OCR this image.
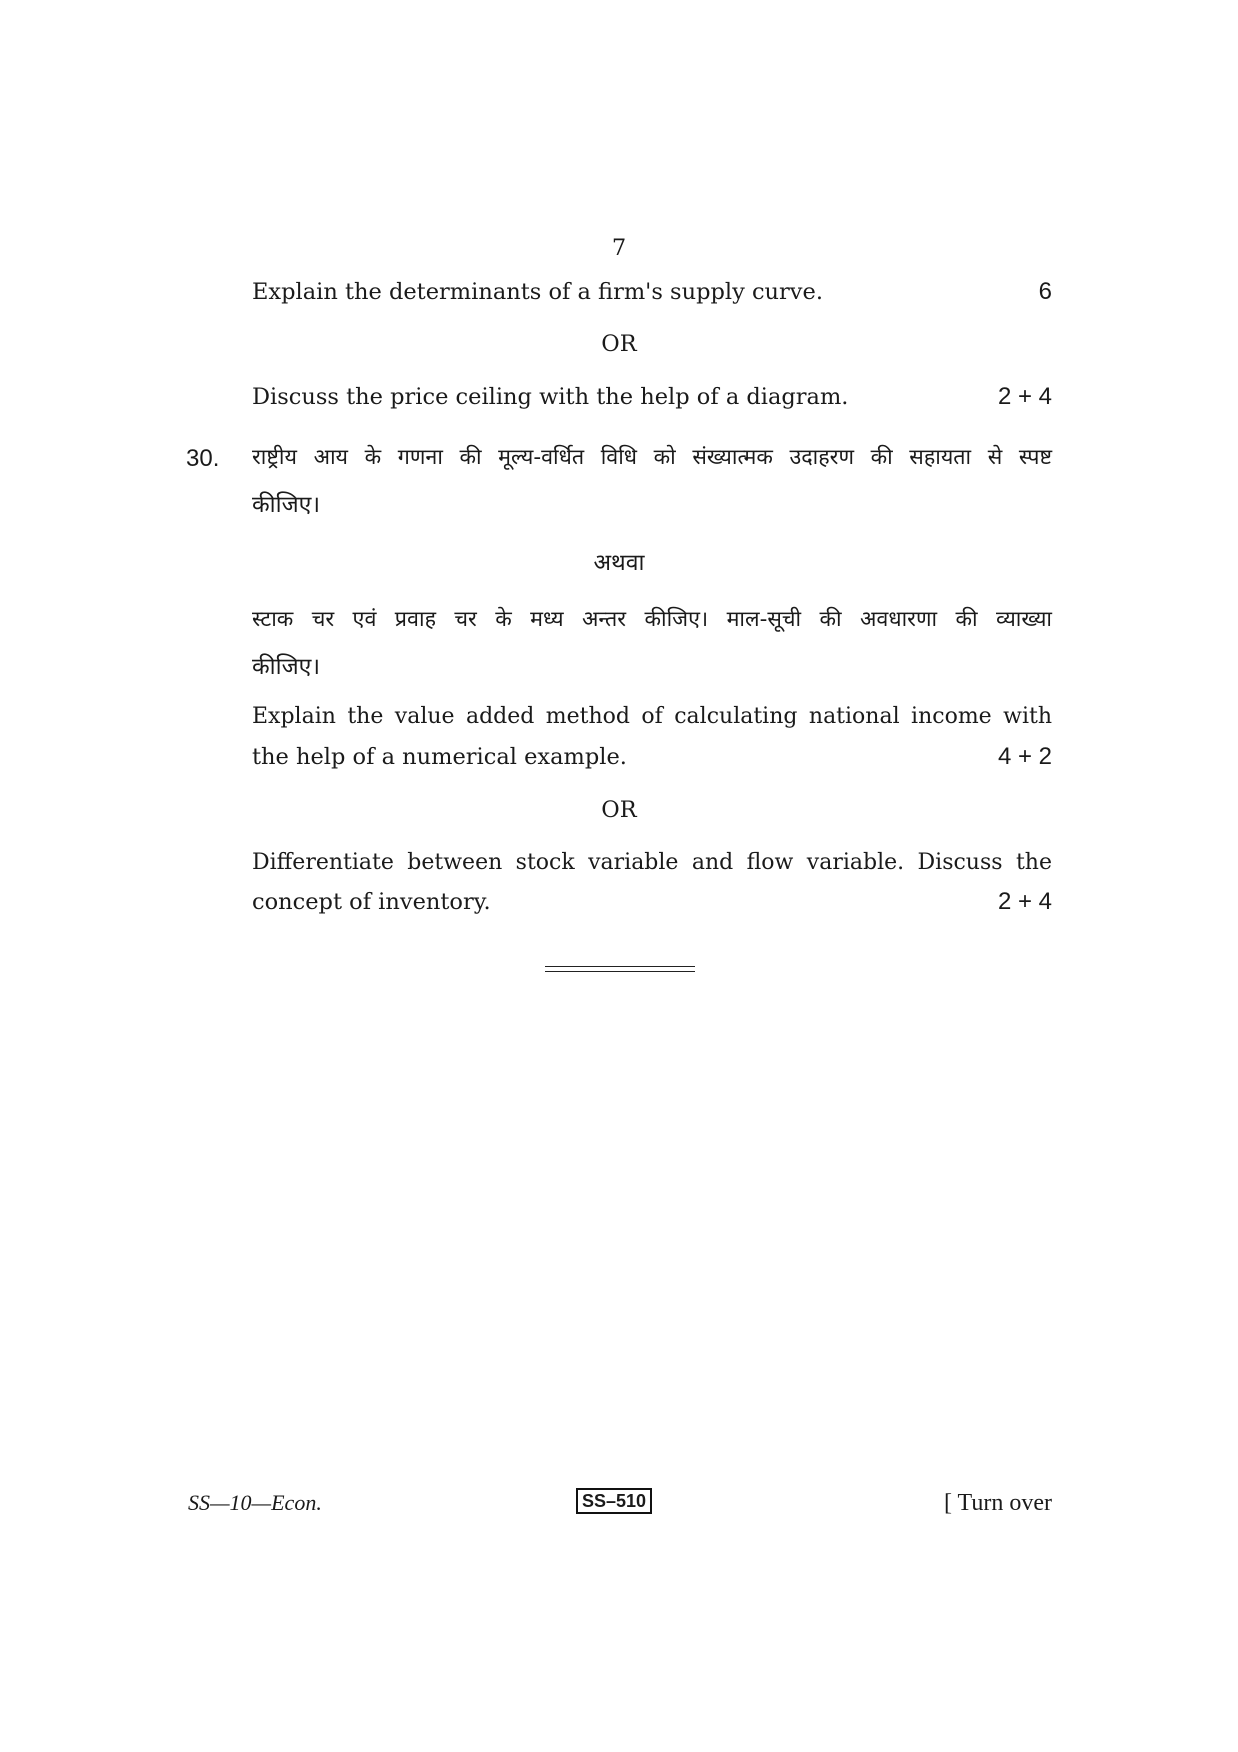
7
Explain the determinants of a firm's supply curve.	6
OR
Discuss the price ceiling with the help of a diagram.	2 + 4
30. राष्ट्रीय आय के गणना की मूल्य-वर्धित विधि को संख्यात्मक उदाहरण की सहायता से स्पष्ट
कीजिए।
अथवा
स्टाक चर एवं प्रवाह चर के मध्य अन्तर कीजिए। माल-सूची की अवधारणा की व्याख्या
कीजिए।
Explain the value added method of calculating national income with
the help of a numerical example.	4 + 2
OR
Differentiate between stock variable and flow variable. Discuss the
concept of inventory.	2 + 4
SS—10—Econ.	SS–510	[ Turn over
